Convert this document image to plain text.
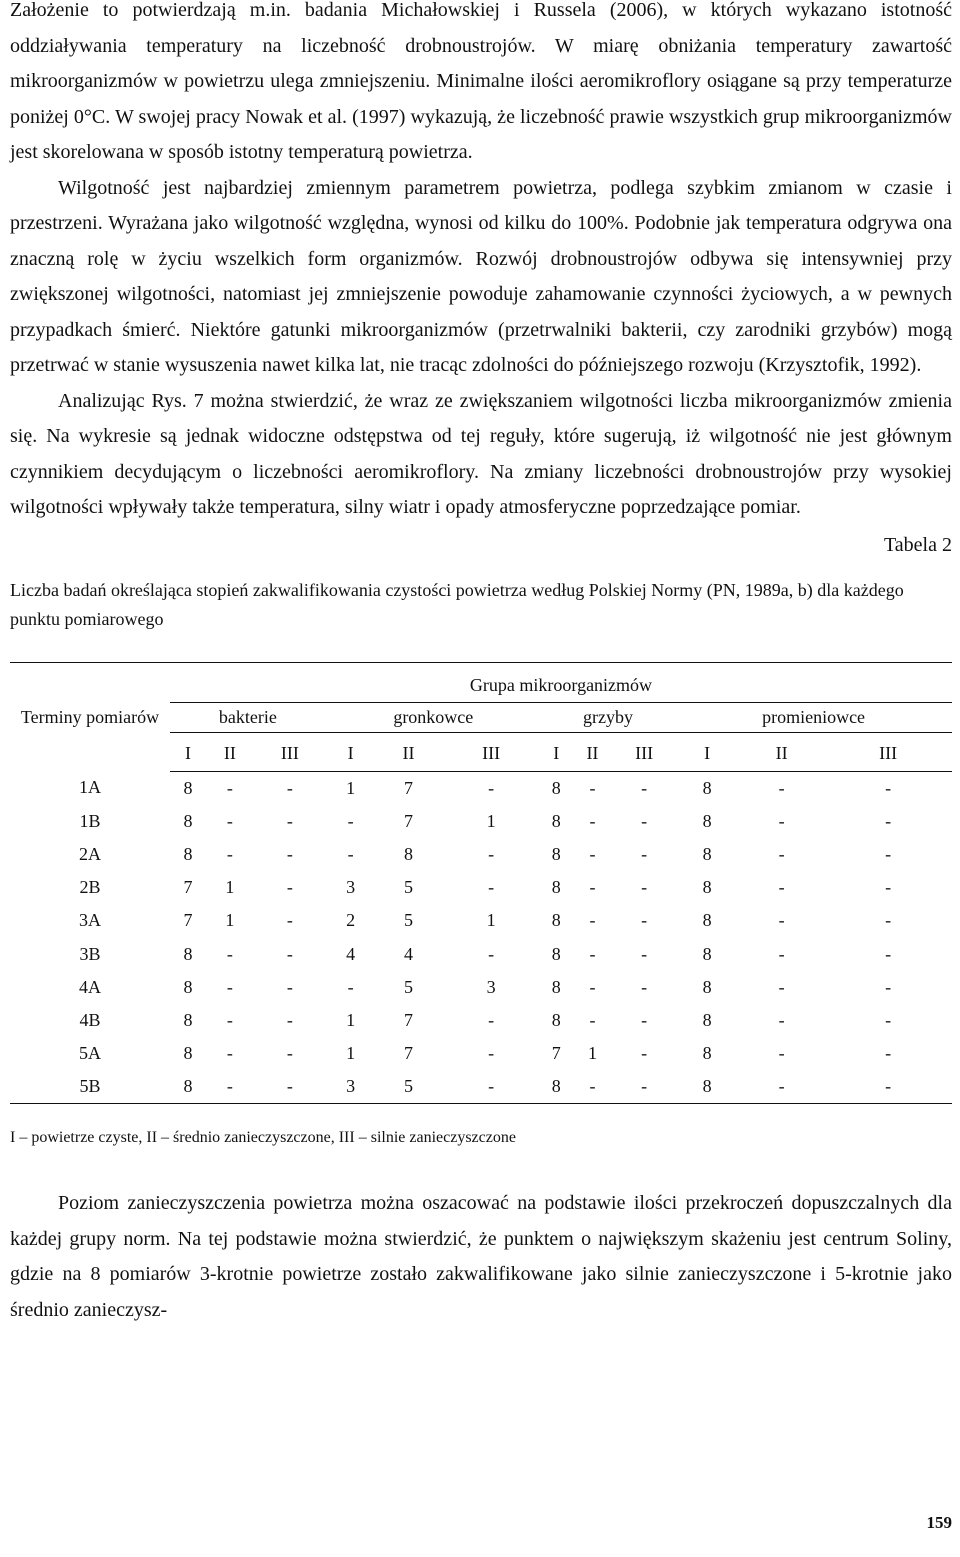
Założenie to potwierdzają m.in. badania Michałowskiej i Russela (2006), w których wykazano istotność oddziaływania temperatury na liczebność drobnoustrojów. W miarę obniżania temperatury zawartość mikroorganizmów w powietrzu ulega zmniejszeniu. Minimalne ilości aeromikroflory osiągane są przy temperaturze poniżej 0°C. W swojej pracy Nowak et al. (1997) wykazują, że liczebność prawie wszystkich grup mikroorganizmów jest skorelowana w sposób istotny temperaturą powietrza.

Wilgotność jest najbardziej zmiennym parametrem powietrza, podlega szybkim zmianom w czasie i przestrzeni. Wyrażana jako wilgotność względna, wynosi od kilku do 100%. Podobnie jak temperatura odgrywa ona znaczną rolę w życiu wszelkich form organizmów. Rozwój drobnoustrojów odbywa się intensywniej przy zwiększonej wilgotności, natomiast jej zmniejszenie powoduje zahamowanie czynności życiowych, a w pewnych przypadkach śmierć. Niektóre gatunki mikroorganizmów (przetrwalniki bakterii, czy zarodniki grzybów) mogą przetrwać w stanie wysuszenia nawet kilka lat, nie tracąc zdolności do późniejszego rozwoju (Krzysztofik, 1992).

Analizując Rys. 7 można stwierdzić, że wraz ze zwiększaniem wilgotności liczba mikroorganizmów zmienia się. Na wykresie są jednak widoczne odstępstwa od tej reguły, które sugerują, iż wilgotność nie jest głównym czynnikiem decydującym o liczebności aeromikroflory. Na zmiany liczebności drobnoustrojów przy wysokiej wilgotności wpływały także temperatura, silny wiatr i opady atmosferyczne poprzedzające pomiar.

Tabela 2

Liczba badań określająca stopień zakwalifikowania czystości powietrza według Polskiej Normy (PN, 1989a, b) dla każdego punktu pomiarowego

Terminy pomiarów	Grupa mikroorganizmów											

	bakterie			gronkowce			grzyby			promieniowce		

	I	II	III	I	II	III	I	II	III	I	II	III
1A	8	-	-	1	7	-	8	-	-	8	-	-
1B	8	-	-	-	7	1	8	-	-	8	-	-
2A	8	-	-	-	8	-	8	-	-	8	-	-
2B	7	1	-	3	5	-	8	-	-	8	-	-
3A	7	1	-	2	5	1	8	-	-	8	-	-
3B	8	-	-	4	4	-	8	-	-	8	-	-
4A	8	-	-	-	5	3	8	-	-	8	-	-
4B	8	-	-	1	7	-	8	-	-	8	-	-
5A	8	-	-	1	7	-	7	1	-	8	-	-
5B	8	-	-	3	5	-	8	-	-	8	-	-

I – powietrze czyste, II – średnio zanieczyszczone, III – silnie zanieczyszczone

Poziom zanieczyszczenia powietrza można oszacować na podstawie ilości przekroczeń dopuszczalnych dla każdej grupy norm. Na tej podstawie można stwierdzić, że punktem o największym skażeniu jest centrum Soliny, gdzie na 8 pomiarów 3-krotnie powietrze zostało zakwalifikowane jako silnie zanieczyszczone i 5-krotnie jako średnio zanieczysz-

159
